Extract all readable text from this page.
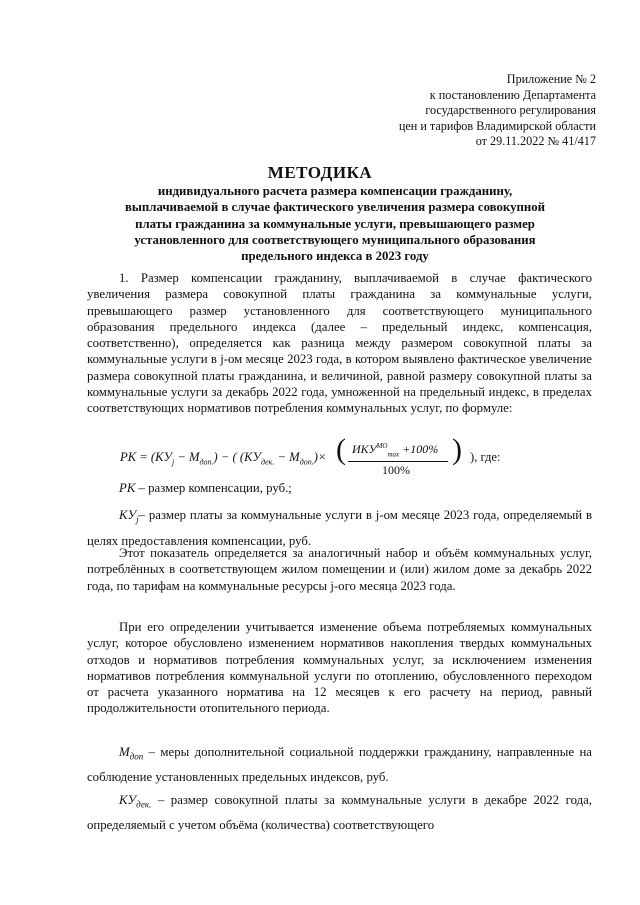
Приложение № 2
к постановлению Департамента
государственного регулирования
цен и тарифов Владимирской области
от 29.11.2022 № 41/417
МЕТОДИКА
индивидуального расчета размера компенсации гражданину,
выплачиваемой в случае фактического увеличения размера совокупной
платы гражданина за коммунальные услуги, превышающего размер
установленного для соответствующего муниципального образования
предельного индекса в 2023 году

1. Размер компенсации гражданину, выплачиваемой в случае фактического увеличения размера совокупной платы гражданина за коммунальные услуги, превышающего размер установленного для соответствующего муниципального образования предельного индекса (далее – предельный индекс, компенсация, соответственно), определяется как разница между размером совокупной платы за коммунальные услуги в j-ом месяце 2023 года, в котором выявлено фактическое увеличение размера совокупной платы гражданина, и величиной, равной размеру совокупной платы за коммунальные услуги за декабрь 2022 года, умноженной на предельный индекс, в пределах соответствующих нормативов потребления коммунальных услуг, по формуле:

PK = $(KУ_j - M_{доп.})$ − ( $(KУ_{дек.} - M_{доп.})\times$ ( $ИКУ^{МО}_{max} +100\%$
100%
) ), где:

PK – размер компенсации, руб.;

$KУ_j-$ размер платы за коммунальные услуги в j-ом месяце 2023 года, определяемый в целях предоставления компенсации, руб.

Этот показатель определяется за аналогичный набор и объём коммунальных услуг, потреблённых в соответствующем жилом помещении и (или) жилом доме за декабрь 2022 года, по тарифам на коммунальные ресурсы j-ого месяца 2023 года.

При его определении учитывается изменение объема потребляемых коммунальных услуг, которое обусловлено изменением нормативов накопления твердых коммунальных отходов и нормативов потребления коммунальных услуг, за исключением изменения нормативов потребления коммунальной услуги по отоплению, обусловленного переходом от расчета указанного норматива на 12 месяцев к его расчету на период, равный продолжительности отопительного периода.

$M_{доп}$ – меры дополнительной социальной поддержки гражданину, направленные на соблюдение установленных предельных индексов, руб.

$KУ_{дек.}$ – размер совокупной платы за коммунальные услуги в декабре 2022 года, определяемый с учетом объёма (количества) соответствующего
